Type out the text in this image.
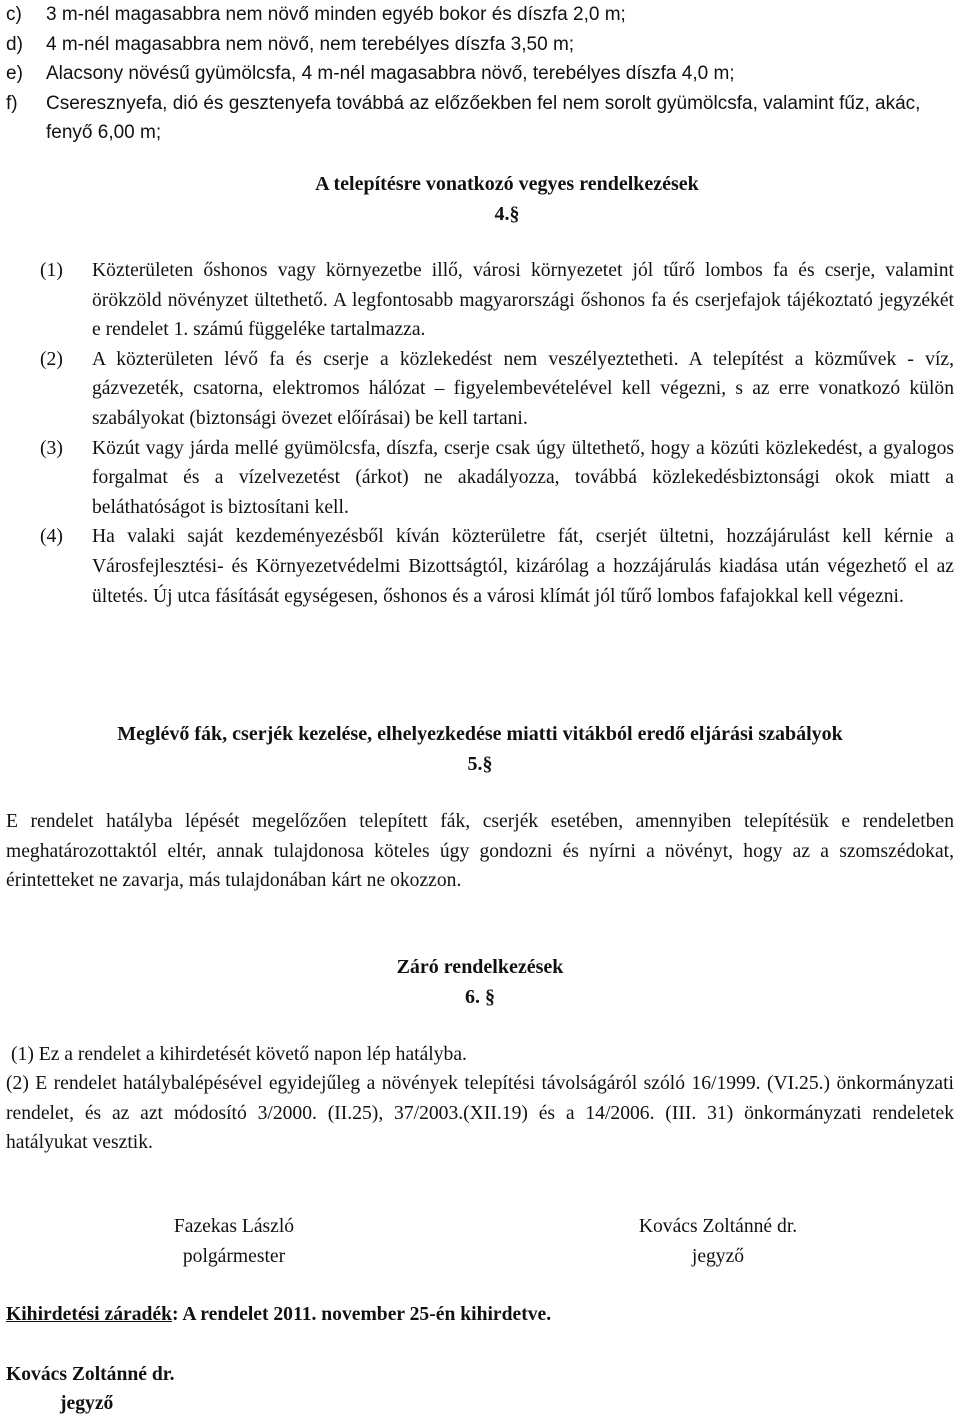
c) 3 m-nél magasabbra nem növő minden egyéb bokor és díszfa 2,0 m;
d) 4 m-nél magasabbra nem növő, nem terebélyes díszfa 3,50 m;
e) Alacsony növésű gyümölcsfa, 4 m-nél magasabbra növő, terebélyes díszfa 4,0 m;
f) Cseresznyefa, dió és gesztenyefa továbbá az előzőekben fel nem sorolt gyümölcsfa, valamint fűz, akác, fenyő 6,00 m;
A telepítésre vonatkozó vegyes rendelkezések
4.§
(1) Közterületen őshonos vagy környezetbe illő, városi környezetet jól tűrő lombos fa és cserje, valamint örökzöld növényzet ültethető. A legfontosabb magyarországi őshonos fa és cserjefajok tájékoztató jegyzékét e rendelet 1. számú függeléke tartalmazza.
(2) A közterületen lévő fa és cserje a közlekedést nem veszélyeztetheti. A telepítést a közművek - víz, gázvezeték, csatorna, elektromos hálózat – figyelembevételével kell végezni, s az erre vonatkozó külön szabályokat (biztonsági övezet előírásai) be kell tartani.
(3) Közút vagy járda mellé gyümölcsfa, díszfa, cserje csak úgy ültethető, hogy a közúti közlekedést, a gyalogos forgalmat és a vízelvezetést (árkot) ne akadályozza, továbbá közlekedésbiztonsági okok miatt a beláthatóságot is biztosítani kell.
(4) Ha valaki saját kezdeményezésből kíván közterületre fát, cserjét ültetni, hozzájárulást kell kérnie a Városfejlesztési- és Környezetvédelmi Bizottságtól, kizárólag a hozzájárulás kiadása után végezhető el az ültetés. Új utca fásítását egységesen, őshonos és a városi klímát jól tűrő lombos fafajokkal kell végezni.
Meglévő fák, cserjék kezelése, elhelyezkedése miatti vitákból eredő eljárási szabályok
5.§
E rendelet hatályba lépését megelőzően telepített fák, cserjék esetében, amennyiben telepítésük e rendeletben meghatározottaktól eltér, annak tulajdonosa köteles úgy gondozni és nyírni a növényt, hogy az a szomszédokat, érintetteket ne zavarja, más tulajdonában kárt ne okozzon.
Záró rendelkezések
6. §
(1) Ez a rendelet a kihirdetését követő napon lép hatályba.
(2) E rendelet hatálybalépésével egyidejűleg a növények telepítési távolságáról szóló 16/1999. (VI.25.) önkormányzati rendelet, és az azt módosító 3/2000. (II.25), 37/2003.(XII.19) és a 14/2006. (III. 31) önkormányzati rendeletek hatályukat vesztik.
Fazekas László
polgármester
Kovács Zoltánné dr.
jegyző
Kihirdetési záradék: A rendelet 2011. november 25-én kihirdetve.
Kovács Zoltánné dr.
jegyző
